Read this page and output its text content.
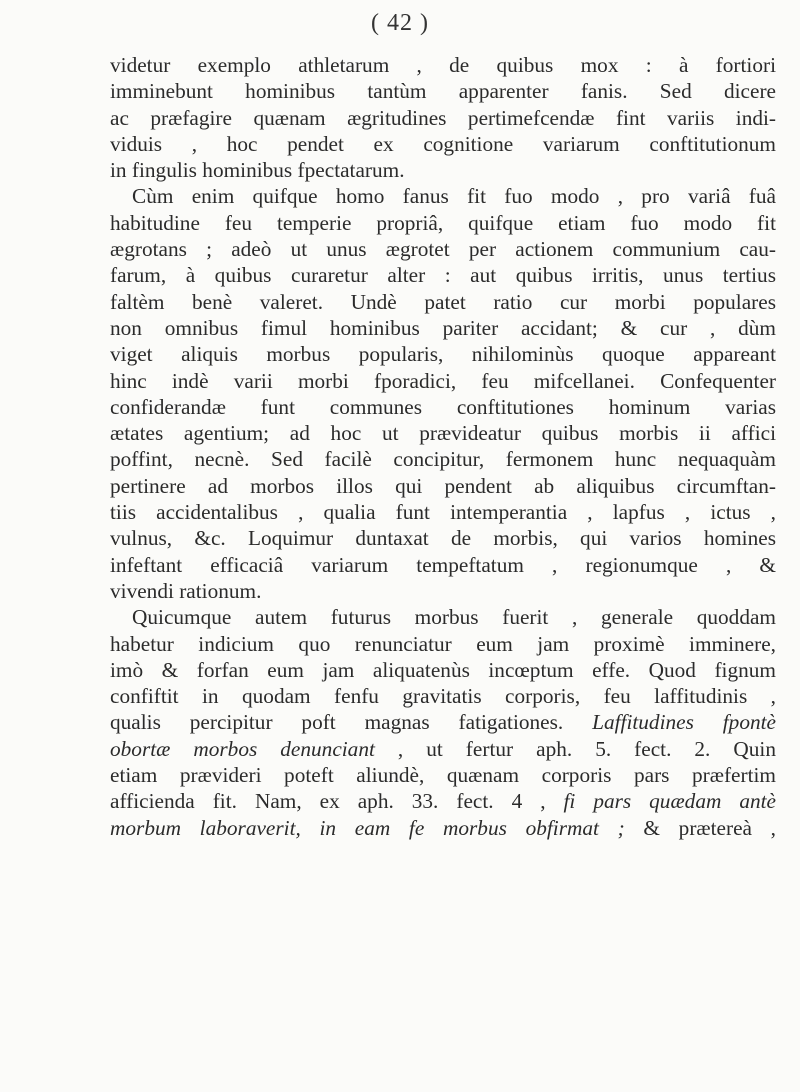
( 42 )
videtur exemplo athletarum , de quibus mox : à fortiori
imminebunt hominibus tantùm apparenter fanis. Sed dicere
ac præfagire quænam ægritudines pertimefcendæ fint variis indi-
viduis , hoc pendet ex cognitione variarum conftitutionum
in fingulis hominibus fpectatarum.
Cùm enim quifque homo fanus fit fuo modo , pro variâ fuâ
habitudine feu temperie propriâ, quifque etiam fuo modo fit
ægrotans ; adeò ut unus ægrotet per actionem communium cau-
farum, à quibus curaretur alter : aut quibus irritis, unus tertius
faltèm benè valeret. Undè patet ratio cur morbi populares
non omnibus fimul hominibus pariter accidant; & cur , dùm
viget aliquis morbus popularis, nihilominùs quoque appareant
hinc indè varii morbi fporadici, feu mifcellanei. Confequenter
confiderandæ funt communes conftitutiones hominum varias
ætates agentium; ad hoc ut prævideatur quibus morbis ii affici
poffint, necnè. Sed facilè concipitur, fermonem hunc nequaquàm
pertinere ad morbos illos qui pendent ab aliquibus circumftan-
tiis accidentalibus , qualia funt intemperantia , lapfus , ictus ,
vulnus, &c. Loquimur duntaxat de morbis, qui varios homines
infeftant efficaciâ variarum tempeftatum , regionumque , &
vivendi rationum.
Quicumque autem futurus morbus fuerit , generale quoddam
habetur indicium quo renunciatur eum jam proximè imminere,
imò & forfan eum jam aliquatenùs incœptum effe. Quod fignum
confiftit in quodam fenfu gravitatis corporis, feu laffitudinis ,
qualis percipitur poft magnas fatigationes. Laffitudines fpontè
obortæ morbos denunciant , ut fertur aph. 5. fect. 2. Quin
etiam prævideri poteft aliundè, quænam corporis pars præfertim
afficienda fit. Nam, ex aph. 33. fect. 4 , fi pars quædam antè
morbum laboraverit, in eam fe morbus obfirmat ; & prætereà ,
